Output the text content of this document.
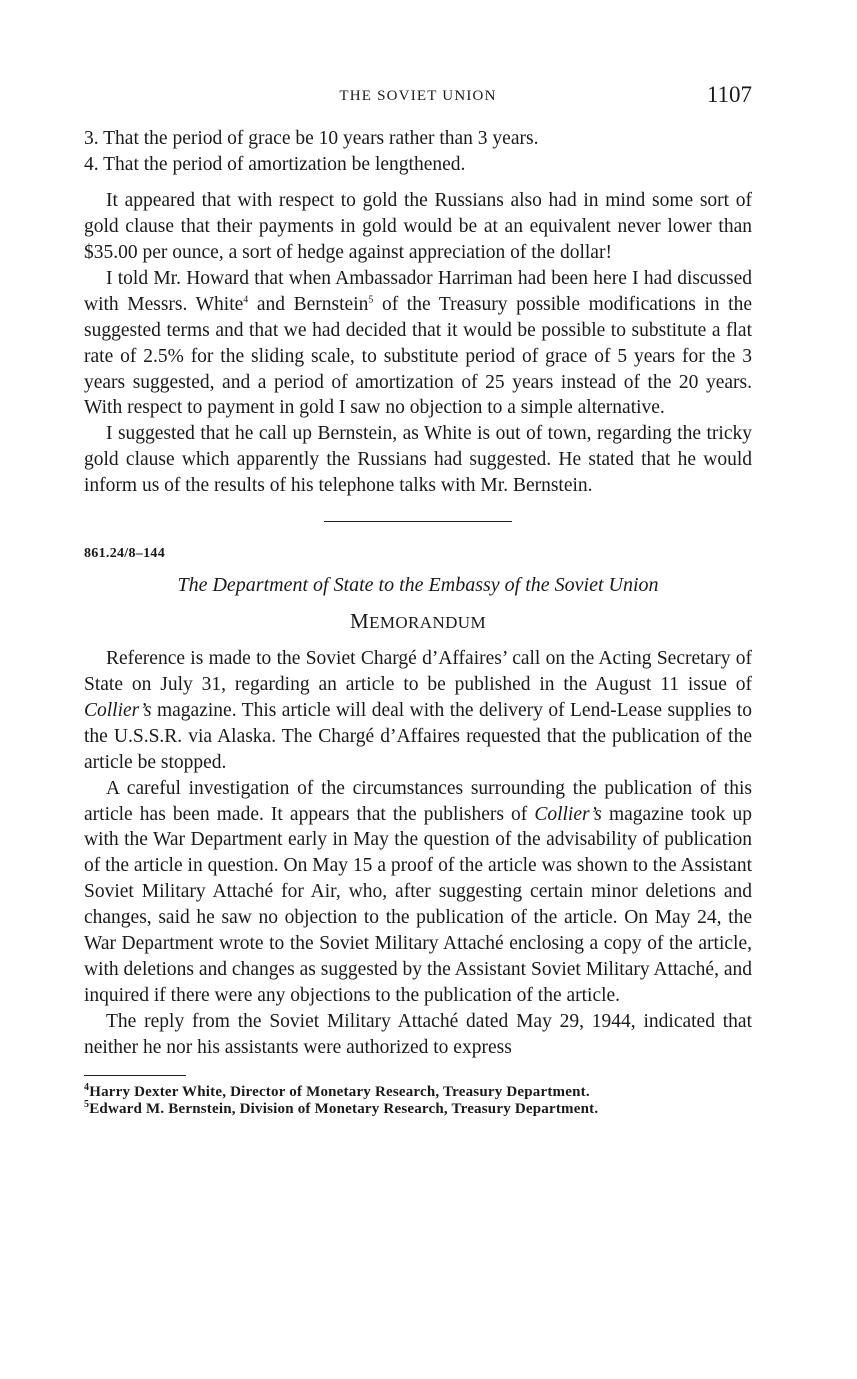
THE SOVIET UNION	1107
3. That the period of grace be 10 years rather than 3 years.
4. That the period of amortization be lengthened.

It appeared that with respect to gold the Russians also had in mind some sort of gold clause that their payments in gold would be at an equivalent never lower than $35.00 per ounce, a sort of hedge against appreciation of the dollar!

I told Mr. Howard that when Ambassador Harriman had been here I had discussed with Messrs. White$^4$ and Bernstein$^5$ of the Treasury possible modifications in the suggested terms and that we had decided that it would be possible to substitute a flat rate of 2.5% for the sliding scale, to substitute period of grace of 5 years for the 3 years suggested, and a period of amortization of 25 years instead of the 20 years. With respect to payment in gold I saw no objection to a simple alternative.

I suggested that he call up Bernstein, as White is out of town, regarding the tricky gold clause which apparently the Russians had suggested. He stated that he would inform us of the results of his telephone talks with Mr. Bernstein.

861.24/8–144
The Department of State to the Embassy of the Soviet Union
MEMORANDUM

Reference is made to the Soviet Chargé d’Affaires’ call on the Acting Secretary of State on July 31, regarding an article to be published in the August 11 issue of Collier’s magazine. This article will deal with the delivery of Lend-Lease supplies to the U.S.S.R. via Alaska. The Chargé d’Affaires requested that the publication of the article be stopped.

A careful investigation of the circumstances surrounding the publication of this article has been made. It appears that the publishers of Collier’s magazine took up with the War Department early in May the question of the advisability of publication of the article in question. On May 15 a proof of the article was shown to the Assistant Soviet Military Attaché for Air, who, after suggesting certain minor deletions and changes, said he saw no objection to the publication of the article. On May 24, the War Department wrote to the Soviet Military Attaché enclosing a copy of the article, with deletions and changes as suggested by the Assistant Soviet Military Attaché, and inquired if there were any objections to the publication of the article.

The reply from the Soviet Military Attaché dated May 29, 1944, indicated that neither he nor his assistants were authorized to express

$^4$Harry Dexter White, Director of Monetary Research, Treasury Department.
$^5$Edward M. Bernstein, Division of Monetary Research, Treasury Department.
